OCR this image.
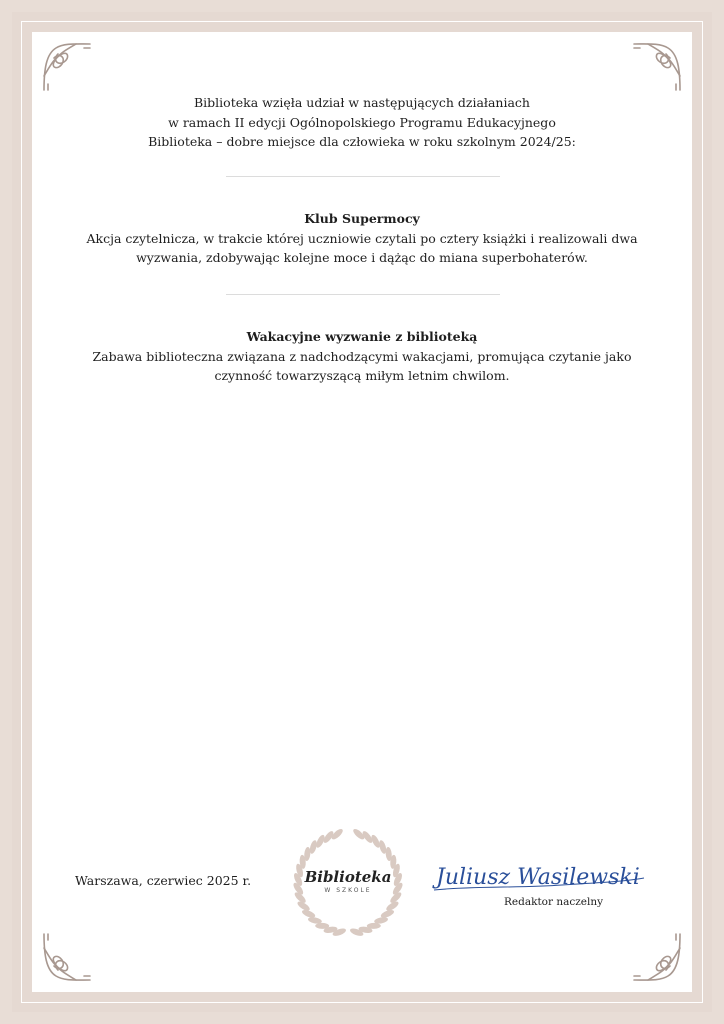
Biblioteka wzięła udział w następujących działaniach
w ramach II edycji Ogólnopolskiego Programu Edukacyjnego
Biblioteka – dobre miejsce dla człowieka w roku szkolnym 2024/25:
Klub Supermocy
Akcja czytelnicza, w trakcie której uczniowie czytali po cztery książki i realizowali dwa
wyzwania, zdobywając kolejne moce i dążąc do miana superbohaterów.
Wakacyjne wyzwanie z biblioteką
Zabawa biblioteczna związana z nadchodzącymi wakacjami, promująca czytanie jako
czynność towarzyszącą miłym letnim chwilom.
Warszawa, czerwiec 2025 r.	Biblioteka
W SZKOLE
Juliusz Wasilewski
Redaktor naczelny
